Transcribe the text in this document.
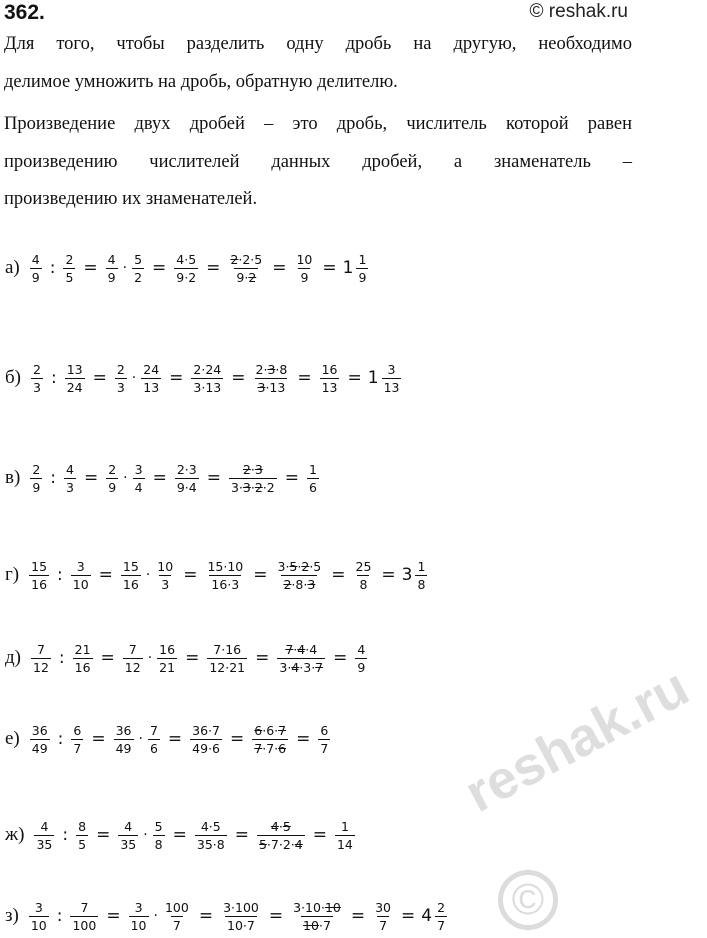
362.	© reshak.ru
Для того, чтобы разделить одну дробь на другую, необходимо
делимое умножить на дробь, обратную делителю.
Произведение двух дробей – это дробь, числитель которой равен
произведению числителей данных дробей, а знаменатель –
произведению их знаменателей.
$а) \frac{4}{9}$ : $\frac{2}{5} = \frac{4}{9} \cdot \frac{5}{2} = \frac{4\cdot 5}{9\cdot 2} = \frac{2\cdot 2\cdot 5}{9\cdot 2} = \frac{10}{9} = 1 \frac{1}{9}$
$б) \frac{2}{3}$ : $\frac{13}{24} = \frac{2}{3} \cdot \frac{24}{13} = \frac{2\cdot 24}{3\cdot 13} = \frac{2\cdot 3\cdot 8}{3\cdot 13} = \frac{16}{13} = 1 \frac{3}{13}$
$в) \frac{2}{9}$ : $\frac{4}{3} = \frac{2}{9} \cdot \frac{3}{4} = \frac{2\cdot 3}{9\cdot 4} = \frac{2\cdot 3}{3\cdot 3\cdot 2\cdot 2} = \frac{1}{6}$
$г) \frac{15}{16}$ : $\frac{3}{10} = \frac{15}{16} \cdot \frac{10}{3} = \frac{15\cdot 10}{16\cdot 3} = \frac{3\cdot 5\cdot 2\cdot 5}{2\cdot 8\cdot 3} = \frac{25}{8} = 3 \frac{1}{8}$
$д) \frac{7}{12}$ : $\frac{21}{16} = \frac{7}{12} \cdot \frac{16}{21} = \frac{7\cdot 16}{12\cdot 21} = \frac{7\cdot 4\cdot 4}{3\cdot 4\cdot 3\cdot 7} = \frac{4}{9}$
$е) \frac{36}{49}$ : $\frac{6}{7} = \frac{36}{49} \cdot \frac{7}{6} = \frac{36\cdot 7}{49\cdot 6} = \frac{6\cdot 6\cdot 7}{7\cdot 7\cdot 6} = \frac{6}{7}$
$ж) \frac{4}{35}$ : $\frac{8}{5} = \frac{4}{35} \cdot \frac{5}{8} = \frac{4\cdot 5}{35\cdot 8} = \frac{4\cdot 5}{5\cdot 7\cdot 2\cdot 4} = \frac{1}{14}$
$з) \frac{3}{10}$ : $\frac{7}{100} = \frac{3}{10} \cdot \frac{100}{7} = \frac{3\cdot 100}{10\cdot 7} = \frac{3\cdot 10\cdot 10}{10\cdot 7} = \frac{30}{7} = 4 \frac{2}{7}$
reshak.ru
©
